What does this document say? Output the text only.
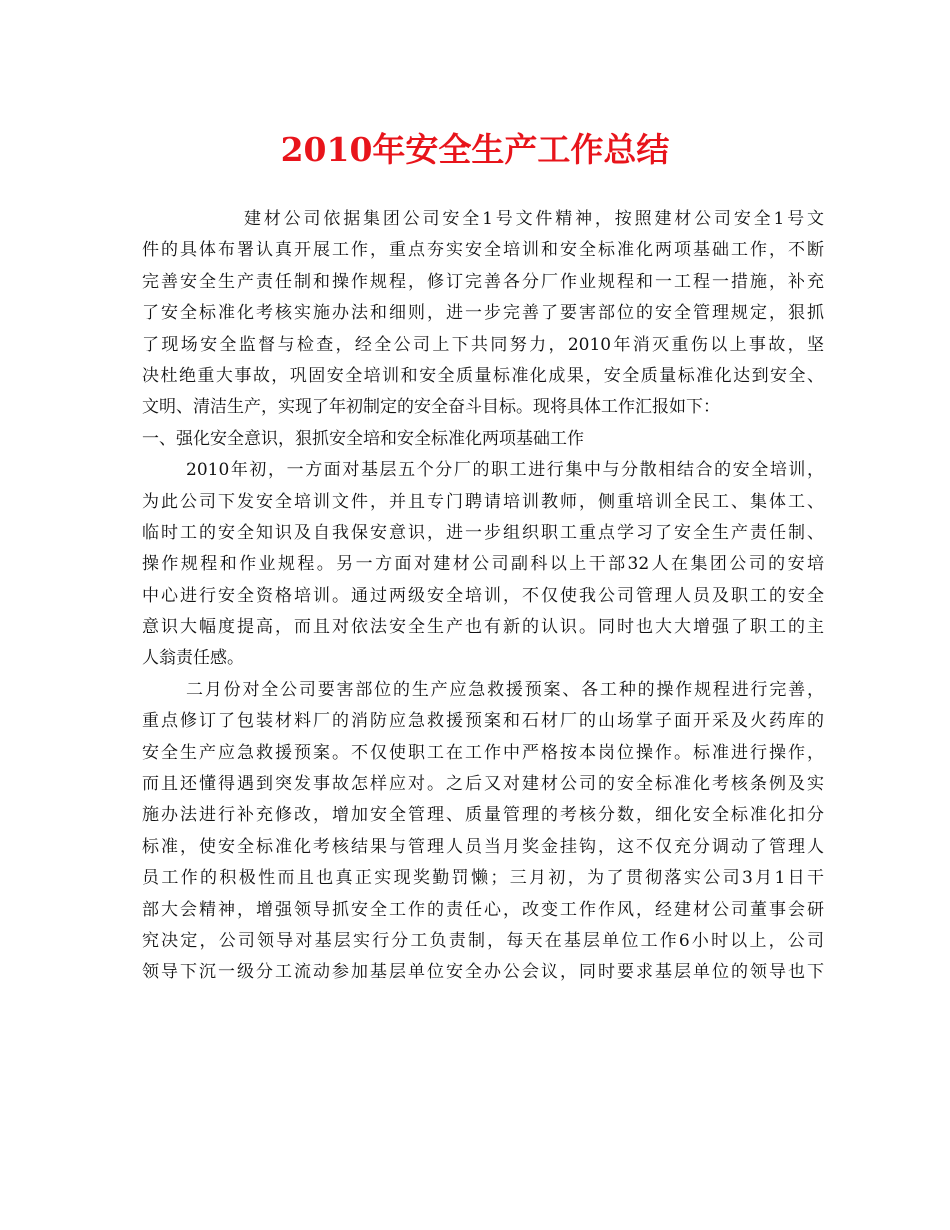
2010年安全生产工作总结
建材公司依据集团公司安全1号文件精神，按照建材公司安全1号文
件的具体布署认真开展工作，重点夯实安全培训和安全标准化两项基础工作，不断
完善安全生产责任制和操作规程，修订完善各分厂作业规程和一工程一措施，补充
了安全标准化考核实施办法和细则，进一步完善了要害部位的安全管理规定，狠抓
了现场安全监督与检查，经全公司上下共同努力，2010年消灭重伤以上事故，坚
决杜绝重大事故，巩固安全培训和安全质量标准化成果，安全质量标准化达到安全、
文明、清洁生产，实现了年初制定的安全奋斗目标。现将具体工作汇报如下：
一、强化安全意识，狠抓安全培和安全标准化两项基础工作
2010年初，一方面对基层五个分厂的职工进行集中与分散相结合的安全培训，
为此公司下发安全培训文件，并且专门聘请培训教师，侧重培训全民工、集体工、
临时工的安全知识及自我保安意识，进一步组织职工重点学习了安全生产责任制、
操作规程和作业规程。另一方面对建材公司副科以上干部32人在集团公司的安培
中心进行安全资格培训。通过两级安全培训，不仅使我公司管理人员及职工的安全
意识大幅度提高，而且对依法安全生产也有新的认识。同时也大大增强了职工的主
人翁责任感。
二月份对全公司要害部位的生产应急救援预案、各工种的操作规程进行完善，
重点修订了包装材料厂的消防应急救援预案和石材厂的山场掌子面开采及火药库的
安全生产应急救援预案。不仅使职工在工作中严格按本岗位操作。标准进行操作，
而且还懂得遇到突发事故怎样应对。之后又对建材公司的安全标准化考核条例及实
施办法进行补充修改，增加安全管理、质量管理的考核分数，细化安全标准化扣分
标准，使安全标准化考核结果与管理人员当月奖金挂钩，这不仅充分调动了管理人
员工作的积极性而且也真正实现奖勤罚懒；三月初，为了贯彻落实公司3月1日干
部大会精神，增强领导抓安全工作的责任心，改变工作作风，经建材公司董事会研
究决定，公司领导对基层实行分工负责制，每天在基层单位工作6小时以上，公司
领导下沉一级分工流动参加基层单位安全办公会议，同时要求基层单位的领导也下
